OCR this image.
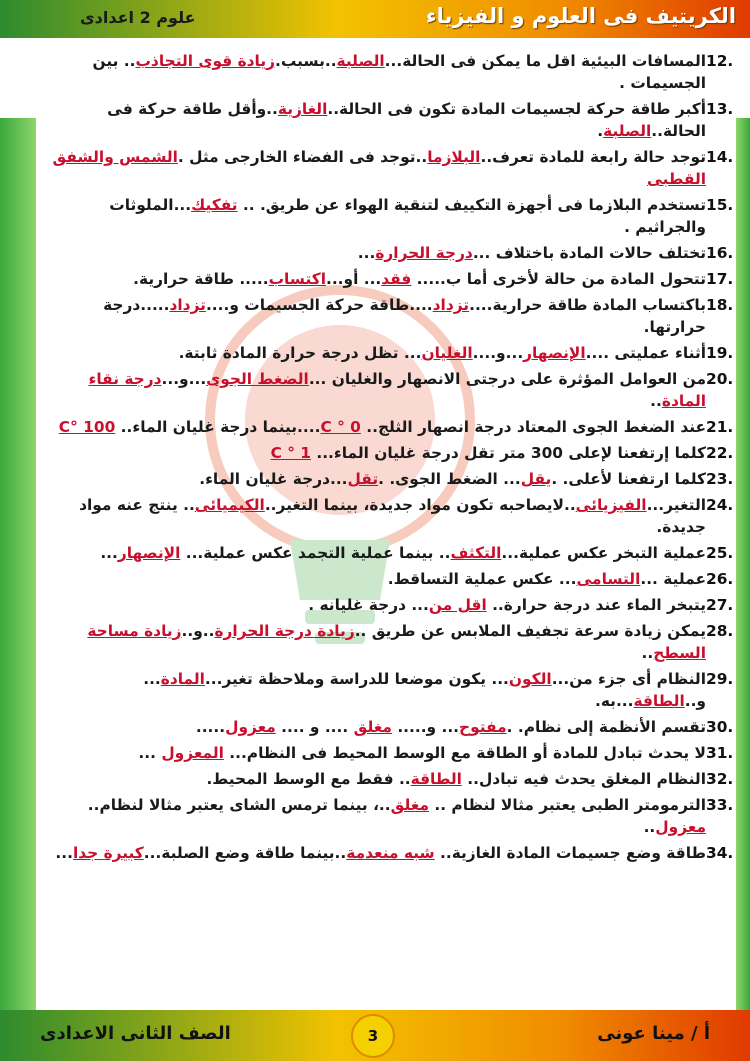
الكريتيف فى العلوم و الفيزياء
علوم 2 اعدادى
12.
المسافات البيئية اقل ما يمكن فى الحالة...الصلبة..بسبب.زيادة قوى التجاذب.. بين الجسيمات .
13.
أكبر طاقة حركة لجسيمات المادة تكون فى الحالة..الغازية..وأقل طاقة حركة فى الحالة..الصلبة.
14.
توجد حالة رابعة للمادة تعرف..البلازما..توجد فى الفضاء الخارجى مثل .الشمس والشفق القطبى
15.
تستخدم البلازما فى أجهزة التكييف لتنقية الهواء عن طريق. .. تفكيك...الملوثات والجراثيم .
16.
تختلف حالات المادة باختلاف ...درجة الحرارة...
17.
تتحول المادة من حالة لأخرى أما ب..... فقد... أو...اكتساب..... طاقة حرارية.
18.
باكتساب المادة طاقة حرارية....تزداد....طاقة حركة الجسيمات و....تزداد.....درجة حرارتها.
19.
أثناء عمليتى ....الإنصهار...و....الغليان... تظل درجة حرارة المادة ثابتة.
20.
من العوامل المؤثرة على درجتى الانصهار والغليان ...الضغط الجوى...و...درجة نقاء المادة..
21.
عند الضغط الجوى المعتاد درجة انصهار الثلج.. 0 ° C....بينما درجة غليان الماء.. 100 °C
22.
كلما إرتفعنا لإعلى 300 متر تقل درجة غليان الماء... 1 ° C
23.
كلما ارتفعنا لأعلى. .يقل... الضغط الجوى. .تقل...درجة غليان الماء.
24.
التغير...الفيزيائى..لايصاحبه تكون مواد جديدة، بينما التغير..الكيميائى.. ينتج عنه مواد جديدة.
25.
عملية التبخر عكس عملية...التكثف.. بينما عملية التجمد عكس عملية... الإنصهار...
26.
عملية ...التسامى... عكس عملية التساقط.
27.
يتبخر الماء عند درجة حرارة.. اقل من... درجة غليانه .
28.
يمكن زيادة سرعة تجفيف الملابس عن طريق ..زيادة درجة الحرارة..و..زيادة مساحة السطح..
29.
النظام أى جزء من...الكون... يكون موضعا للدراسة وملاحظة تغير...المادة... و..الطاقة...به.
30.
تقسم الأنظمة إلى نظام. .مفتوح... و..... مغلق .... و .... معزول.....
31.
لا يحدث تبادل للمادة أو الطاقة مع الوسط المحيط فى النظام... المعزول ...
32.
النظام المغلق يحدث فيه تبادل.. الطاقة.. فقط مع الوسط المحيط.
33.
الترمومتر الطبى يعتبر مثالا لنظام .. مغلق..، بينما ترمس الشاى يعتبر مثالا لنظام.. معزول..
34.
طاقة وضع جسيمات المادة الغازية.. شبه منعدمة..بينما طاقة وضع الصلبة...كبيرة جدا...
أ / مينا عونى
3
الصف الثانى الاعدادى
